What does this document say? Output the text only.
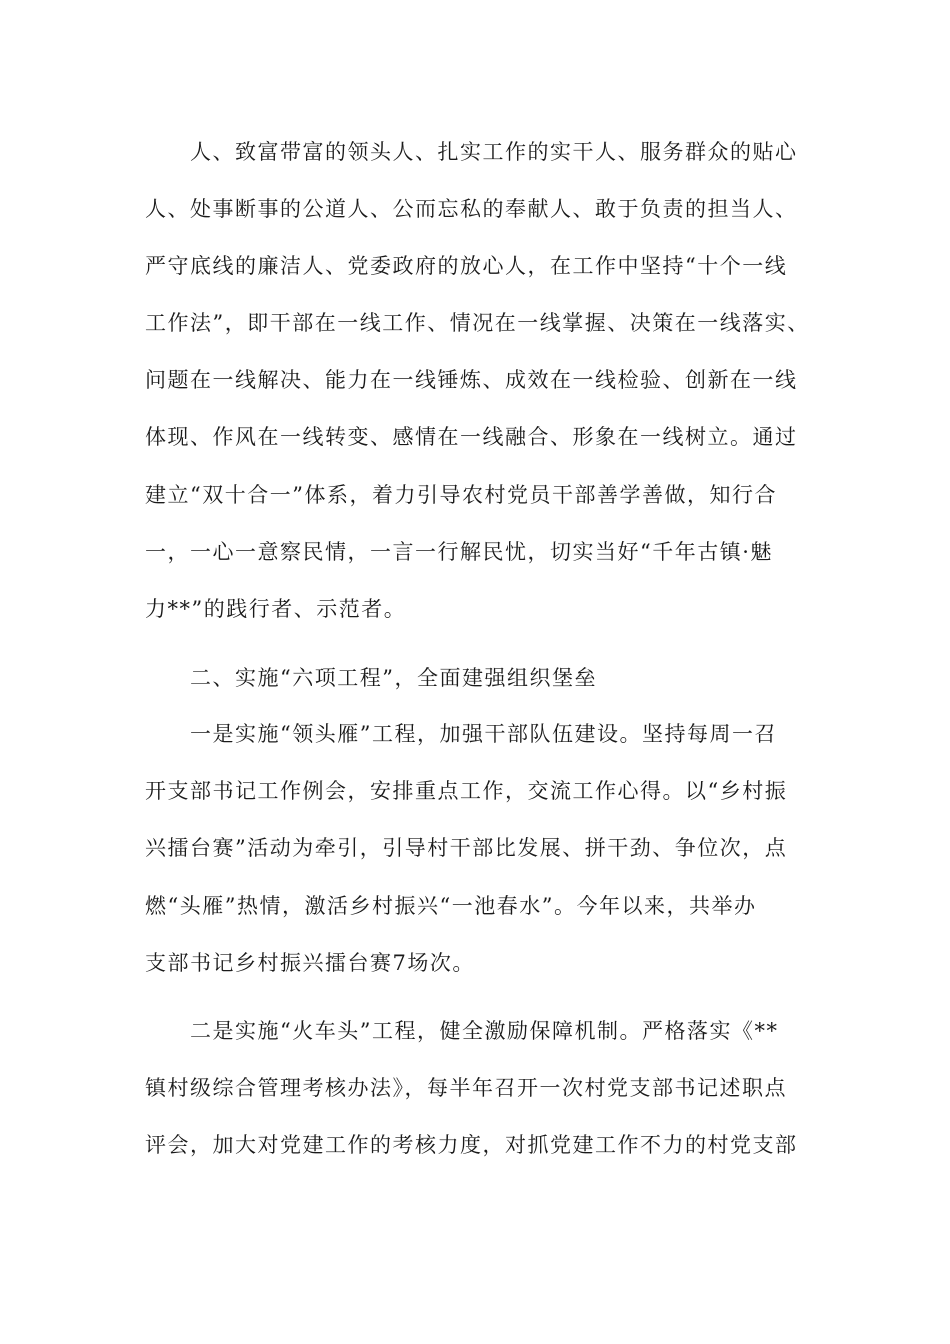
人、致富带富的领头人、扎实工作的实干人、服务群众的贴心
人、处事断事的公道人、公而忘私的奉献人、敢于负责的担当人、
严守底线的廉洁人、党委政府的放心人，在工作中坚持“十个一线
工作法”，即干部在一线工作、情况在一线掌握、决策在一线落实、
问题在一线解决、能力在一线锤炼、成效在一线检验、创新在一线
体现、作风在一线转变、感情在一线融合、形象在一线树立。通过
建立“双十合一”体系，着力引导农村党员干部善学善做，知行合
一，一心一意察民情，一言一行解民忧，切实当好“千年古镇·魅
力**”的践行者、示范者。
二、实施“六项工程”，全面建强组织堡垒
一是实施“领头雁”工程，加强干部队伍建设。坚持每周一召
开支部书记工作例会，安排重点工作，交流工作心得。以“乡村振
兴擂台赛”活动为牵引，引导村干部比发展、拼干劲、争位次，点
燃“头雁”热情，激活乡村振兴“一池春水”。今年以来，共举办
支部书记乡村振兴擂台赛7场次。
二是实施“火车头”工程，健全激励保障机制。严格落实《**
镇村级综合管理考核办法》，每半年召开一次村党支部书记述职点
评会，加大对党建工作的考核力度，对抓党建工作不力的村党支部
